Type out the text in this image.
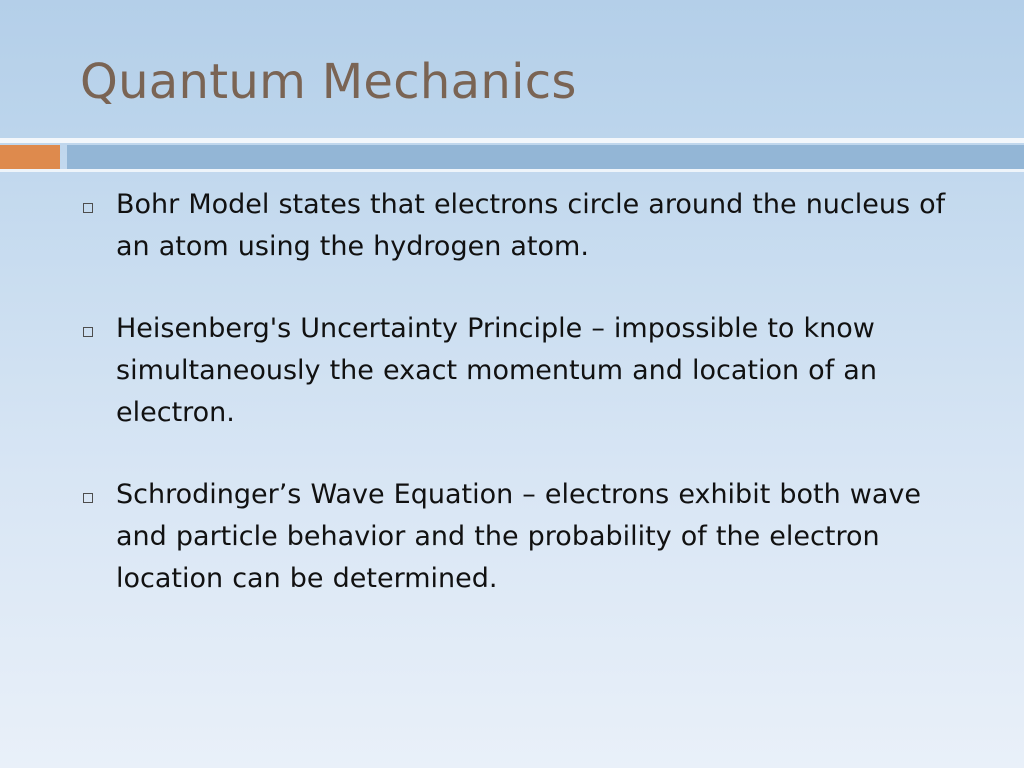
Quantum Mechanics
Bohr Model states that electrons circle around the nucleus of an atom using the hydrogen atom.
Heisenberg's Uncertainty Principle – impossible to know simultaneously the exact momentum and location of an electron.
Schrodinger’s Wave Equation – electrons exhibit both wave and particle behavior and the probability of the electron location can be determined.
